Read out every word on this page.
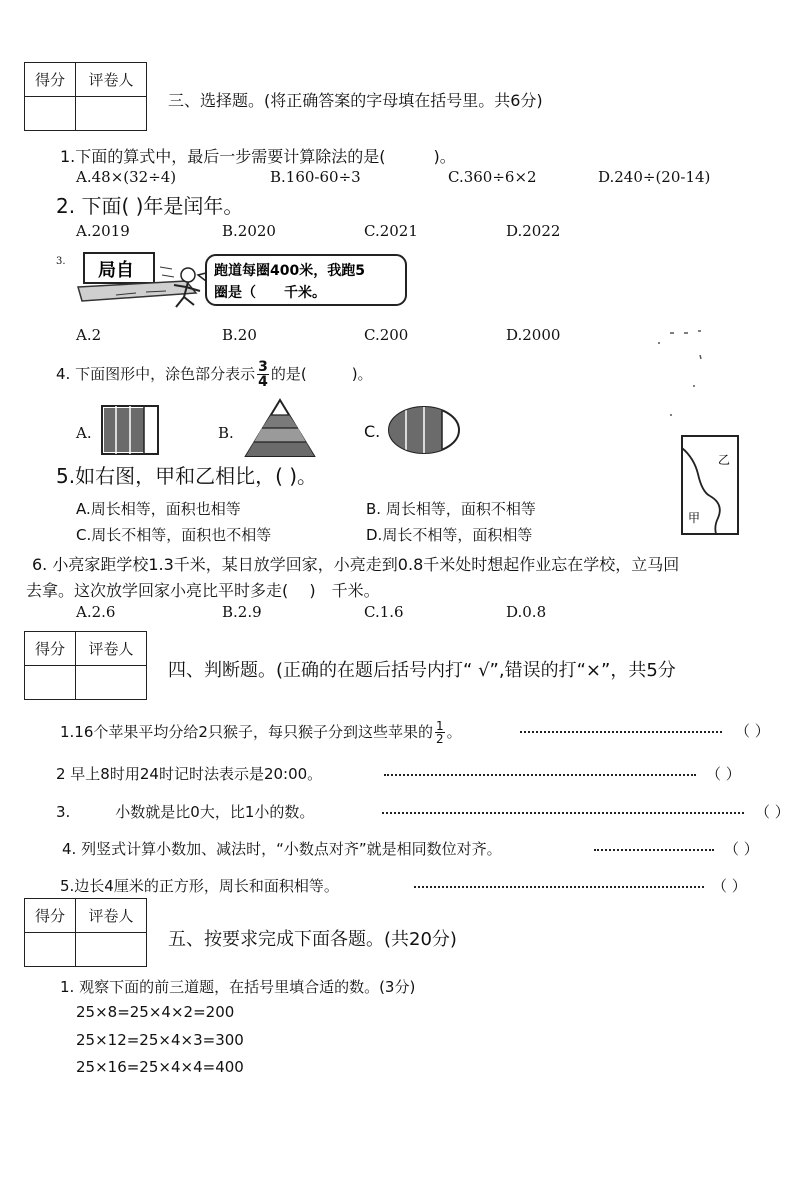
得分	评卷人

三、选择题。(将正确答案的字母填在括号里。共6分)
1.下面的算式中，最后一步需要计算除法的是(　　　)。
A.48×(32÷4)	B.160-60÷3	C.360÷6×2	D.240÷(20-14)
2. 下面( )年是闰年。
A.2019	B.2020	C.2021	D.2022
3. 局自	跑道每圈400米，我跑5
圈是（　　千米。
A.2	B.20	C.200	D.2000
4. 下面图形中，涂色部分表示 $\frac{3}{4}$ 的是(　　　)。
A.	B.	C.
5.如右图，甲和乙相比，( )。
A.周长相等，面积也相等	B. 周长相等，面积不相等
C.周长不相等，面积也不相等	D.周长不相等，面积相等
乙
甲
6. 小亮家距学校1.3千米，某日放学回家，小亮走到0.8千米处时想起作业忘在学校，立马回
去拿。这次放学回家小亮比平时多走(　 )　千米。
A.2.6	B.2.9	C.1.6	D.0.8
得分	评卷人

四、判断题。(正确的在题后括号内打“ √”,错误的打“×”，共5分
1.16个苹果平均分给2只猴子，每只猴子分到这些苹果的 $\frac{1}{2}$ 。	（ ）
2 早上8时用24时记时法表示是20:00。	（ ）
3.　　　小数就是比0大，比1小的数。	（ ）
4. 列竖式计算小数加、减法时，“小数点对齐”就是相同数位对齐。	（ ）
5.边长4厘米的正方形，周长和面积相等。	（ ）
得分	评卷人

五、按要求完成下面各题。(共20分)
1. 观察下面的前三道题，在括号里填合适的数。(3分)
25×8=25×4×2=200
25×12=25×4×3=300
25×16=25×4×4=400
